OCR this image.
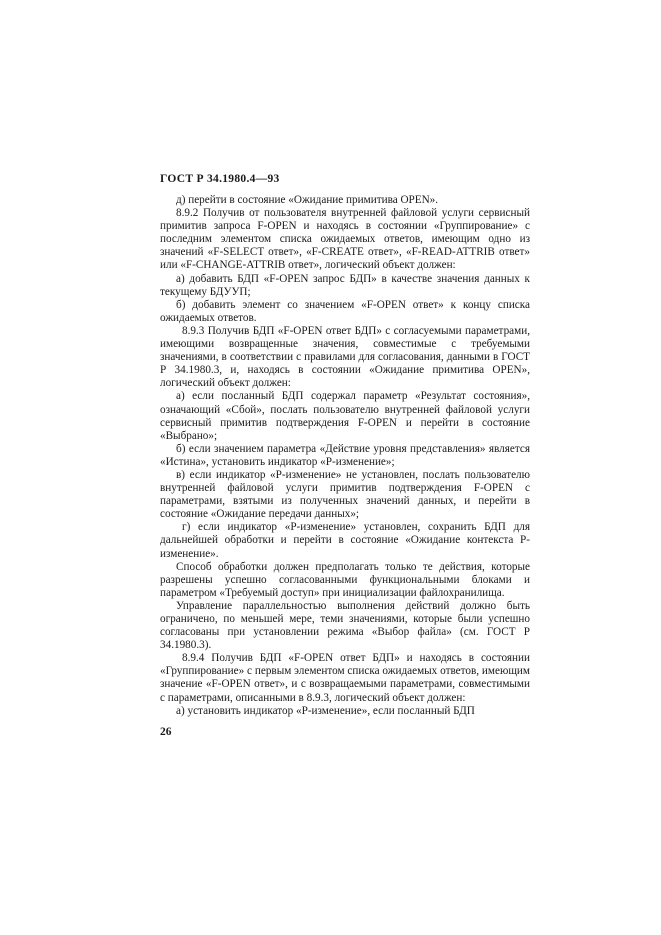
ГОСТ Р 34.1980.4—93

д) перейти в состояние «Ожидание примитива OPEN».

8.9.2 Получив от пользователя внутренней файловой услуги сервисный примитив запроса F-OPEN и находясь в состоянии «Группирование» с последним элементом списка ожидаемых ответов, имеющим одно из значений «F-SELECT ответ», «F-CREATE ответ», «F-READ-ATTRIB ответ» или «F-CHANGE-ATTRIB ответ», логический объект должен:

а) добавить БДП «F-OPEN запрос БДП» в качестве значения данных к текущему БДУУП;

б) добавить элемент со значением «F-OPEN ответ» к концу списка ожидаемых ответов.

8.9.3 Получив БДП «F-OPEN ответ БДП» с согласуемыми параметрами, имеющими возвращенные значения, совместимые с требуемыми значениями, в соответствии с правилами для согласования, данными в ГОСТ Р 34.1980.3, и, находясь в состоянии «Ожидание примитива OPEN», логический объект должен:

а) если посланный БДП содержал параметр «Результат состояния», означающий «Сбой», послать пользователю внутренней файловой услуги сервисный примитив подтверждения F-OPEN и перейти в состояние «Выбрано»;

б) если значением параметра «Действие уровня представления» является «Истина», установить индикатор «Р-изменение»;

в) если индикатор «Р-изменение» не установлен, послать пользователю внутренней файловой услуги примитив подтверждения F-OPEN с параметрами, взятыми из полученных значений данных, и перейти в состояние «Ожидание передачи данных»;

г) если индикатор «Р-изменение» установлен, сохранить БДП для дальнейшей обработки и перейти в состояние «Ожидание контекста Р-изменение».

Способ обработки должен предполагать только те действия, которые разрешены успешно согласованными функциональными блоками и параметром «Требуемый доступ» при инициализации файлохранилища.

Управление параллельностью выполнения действий должно быть ограничено, по меньшей мере, теми значениями, которые были успешно согласованы при установлении режима «Выбор файла» (см. ГОСТ Р 34.1980.3).

8.9.4 Получив БДП «F-OPEN ответ БДП» и находясь в состоянии «Группирование» с первым элементом списка ожидаемых ответов, имеющим значение «F-OPEN ответ», и с возвращаемыми параметрами, совместимыми с параметрами, описанными в 8.9.3, логический объект должен:

а) установить индикатор «Р-изменение», если посланный БДП

26
